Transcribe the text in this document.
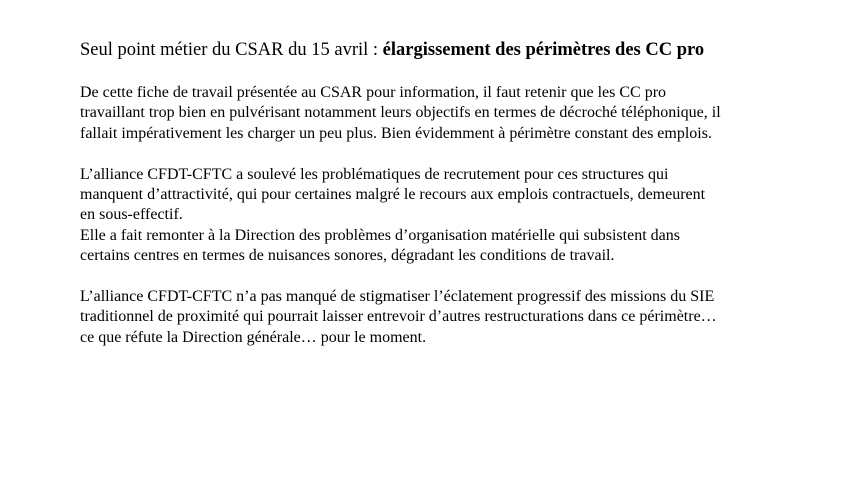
Seul point métier du CSAR du 15 avril : élargissement des périmètres des CC pro

De cette fiche de travail présentée au CSAR pour information, il faut retenir que les CC pro

travaillant trop bien en pulvérisant notamment leurs objectifs en termes de décroché téléphonique, il

fallait impérativement les charger un peu plus. Bien évidemment à périmètre constant des emplois.

L’alliance CFDT-CFTC a soulevé les problématiques de recrutement pour ces structures qui

manquent d’attractivité, qui pour certaines malgré le recours aux emplois contractuels, demeurent

en sous-effectif.

Elle a fait remonter à la Direction des problèmes d’organisation matérielle qui subsistent dans

certains centres en termes de nuisances sonores, dégradant les conditions de travail.

L’alliance CFDT-CFTC n’a pas manqué de stigmatiser l’éclatement progressif des missions du SIE

traditionnel de proximité qui pourrait laisser entrevoir d’autres restructurations dans ce périmètre…

ce que réfute la Direction générale… pour le moment.
